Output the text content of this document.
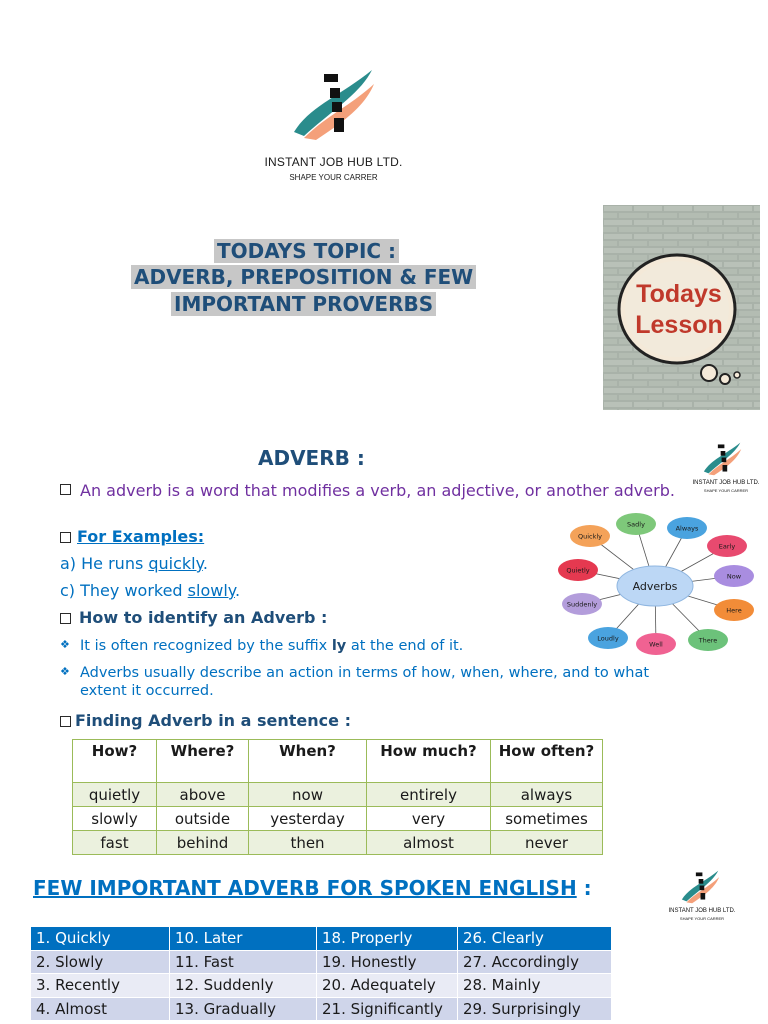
INSTANT JOB HUB LTD.
SHAPE YOUR CARRER
TODAYS TOPIC :
ADVERB, PREPOSITION & FEW
IMPORTANT PROVERBS	Todays
Lesson
ADVERB :
INSTANT JOB HUB LTD.
SHAPE YOUR CARRER
An adverb is a word that modifies a verb, an adjective, or another adverb.
For Examples:
a) He runs quickly.
c) They worked slowly.
How to identify an Adverb :
❖ It is often recognized by the suffix ly at the end of it.
❖ Adverbs usually describe an action in terms of how, when, where, and to what extent it occurred.
Finding Adverb in a sentence :
Quickly
Sadly	Always
Early
Now
Here
There
Well
Loudly
Suddenly
Quietly
Adverbs
How?	Where?	When?	How much?	How often?
quietly	above	now	entirely	always
slowly	outside	yesterday	very	sometimes
fast	behind	then	almost	never
FEW IMPORTANT ADVERB FOR SPOKEN ENGLISH :
INSTANT JOB HUB LTD.
SHAPE YOUR CARRER
1. Quickly	10. Later	18. Properly	26. Clearly
2. Slowly	11. Fast	19. Honestly	27. Accordingly
3. Recently	12. Suddenly	20. Adequately	28. Mainly
4. Almost	13. Gradually	21. Significantly	29. Surprisingly
